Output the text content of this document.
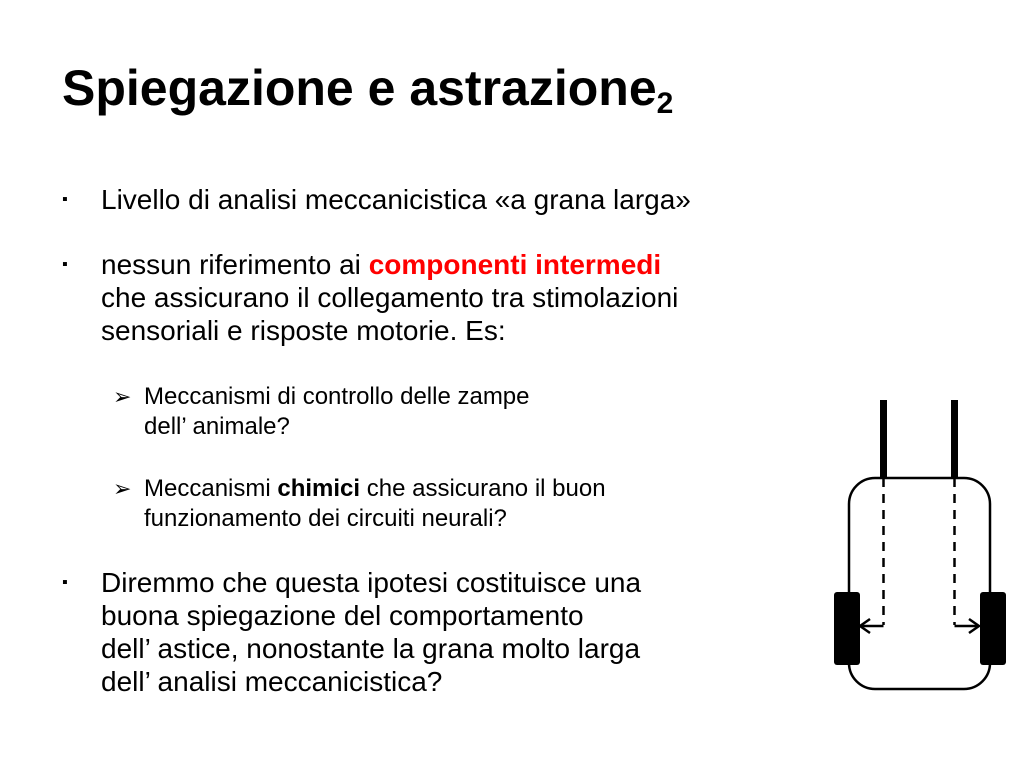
Spiegazione e astrazione$_2$
▪ Livello di analisi meccanicistica «a grana larga»
▪ nessun riferimento ai componenti intermedi
che assicurano il collegamento tra stimolazioni
sensoriali e risposte motorie. Es:
➢ Meccanismi di controllo delle zampe
dell’ animale?
➢ Meccanismi chimici che assicurano il buon
funzionamento dei circuiti neurali?
▪ Diremmo che questa ipotesi costituisce una
buona spiegazione del comportamento
dell’ astice, nonostante la grana molto larga
dell’ analisi meccanicistica?
